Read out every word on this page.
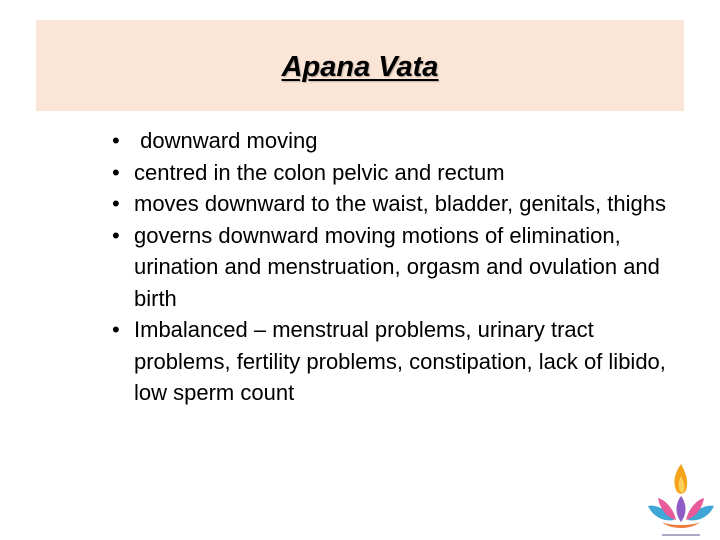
Apana Vata
• downward moving
• centred in the colon pelvic and rectum
• moves downward to the waist, bladder, genitals, thighs
• governs downward moving motions of elimination, urination and menstruation, orgasm and ovulation and birth
• Imbalanced – menstrual problems, urinary tract problems, fertility problems, constipation, lack of libido, low sperm count
